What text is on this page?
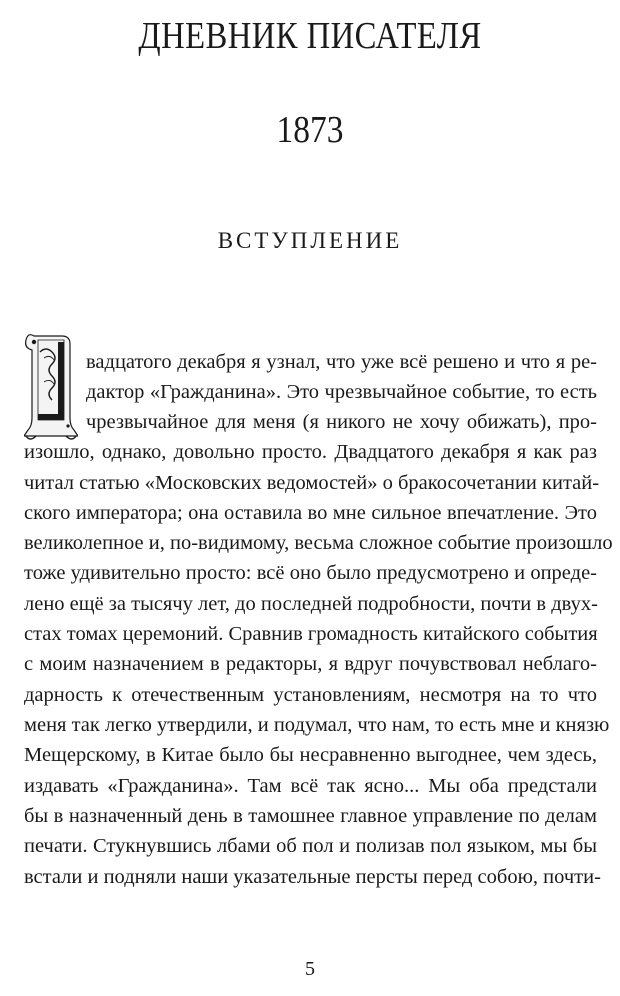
ДНЕВНИК ПИСАТЕЛЯ
1873
ВСТУПЛЕНИЕ
вадцатого декабря я узнал, что уже всё решено и что я ре-
дактор «Гражданина». Это чрезвычайное событие, то есть
чрезвычайное для меня (я никого не хочу обижать), про-
изошло, однако, довольно просто. Двадцатого декабря я как раз
читал статью «Московских ведомостей» о бракосочетании китай-
ского императора; она оставила во мне сильное впечатление. Это
великолепное и, по-видимому, весьма сложное событие произошло
тоже удивительно просто: всё оно было предусмотрено и опреде-
лено ещё за тысячу лет, до последней подробности, почти в двух-
стах томах церемоний. Сравнив громадность китайского события
с моим назначением в редакторы, я вдруг почувствовал неблаго-
дарность к отечественным установлениям, несмотря на то что
меня так легко утвердили, и подумал, что нам, то есть мне и князю
Мещерскому, в Китае было бы несравненно выгоднее, чем здесь,
издавать «Гражданина». Там всё так ясно... Мы оба предстали
бы в назначенный день в тамошнее главное управление по делам
печати. Стукнувшись лбами об пол и полизав пол языком, мы бы
встали и подняли наши указательные персты перед собою, почти-
5
